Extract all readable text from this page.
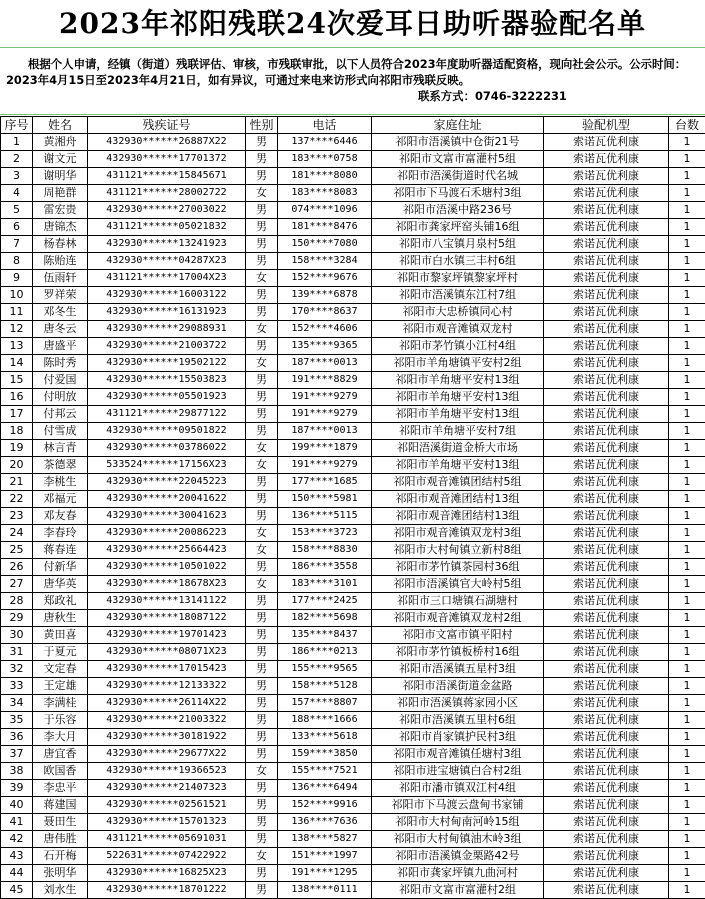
2023年祁阳残联24次爱耳日助听器验配名单
根据个人申请，经镇（街道）残联评估、审核，市残联审批，以下人员符合2023年度助听器适配资格，现向社会公示。公示时间：2023年4月15日至2023年4月21日，如有异议，可通过来电来访形式向祁阳市残联反映。
联系方式：0746-3222231
序号	姓名	残疾证号	性别	电话	家庭住址	验配机型	台数
1	黄湘舟	432930******26887X22	男	137****6446	祁阳市浯溪镇中仓街21号	索诺瓦优利康	1
2	谢文元	432930******17701372	男	183****0758	祁阳市文富市富灌村5组	索诺瓦优利康	1
3	谢明华	431121******15845671	男	181****8080	祁阳市浯溪街道时代名城	索诺瓦优利康	1
4	周艳群	431121******28002722	女	183****8083	祁阳市下马渡石禾塘村3组	索诺瓦优利康	1
5	雷宏贵	432930******27003022	男	074****1096	祁阳市浯溪中路236号	索诺瓦优利康	1
6	唐锦杰	431121******05021832	男	181****8476	祁阳市龚家坪窑头铺16组	索诺瓦优利康	1
7	杨春林	432930******13241923	男	150****7080	祁阳市八宝镇月泉村5组	索诺瓦优利康	1
8	陈贻连	432930******04287X23	男	158****3284	祁阳市白水镇三丰村6组	索诺瓦优利康	1
9	伍雨轩	431121******17004X23	女	152****9676	祁阳市黎家坪镇黎家坪村	索诺瓦优利康	1
10	罗祥荣	432930******16003122	男	139****6878	祁阳市浯溪镇东江村7组	索诺瓦优利康	1
11	邓冬生	432930******16131923	男	170****8637	祁阳市大忠桥镇同心村	索诺瓦优利康	1
12	唐冬云	432930******29088931	女	152****4606	祁阳市观音滩镇双龙村	索诺瓦优利康	1
13	唐盛平	432930******21003722	男	135****9365	祁阳市茅竹镇小江村4组	索诺瓦优利康	1
14	陈时秀	432930******19502122	女	187****0013	祁阳市羊角塘镇平安村2组	索诺瓦优利康	1
15	付爱国	432930******15503823	男	191****8829	祁阳市羊角塘平安村13组	索诺瓦优利康	1
16	付明放	432930******05501923	男	191****9279	祁阳市羊角塘平安村13组	索诺瓦优利康	1
17	付邦云	431121******29877122	男	191****9279	祁阳市羊角塘平安村13组	索诺瓦优利康	1
18	付雪成	432930******09501822	男	187****0013	祁阳市羊角塘平安村7组	索诺瓦优利康	1
19	林言青	432930******03786022	女	199****1879	祁阳浯溪街道金桥大市场	索诺瓦优利康	1
20	茶德翠	533524******17156X23	女	191****9279	祁阳市羊角塘平安村13组	索诺瓦优利康	1
21	李桃生	432930******22045223	男	177****1685	祁阳市观音滩镇团结村5组	索诺瓦优利康	1
22	邓福元	432930******20041622	男	150****5981	祁阳市观音滩团结村13组	索诺瓦优利康	1
23	邓友春	432930******30041623	男	136****5115	祁阳市观音滩团结村13组	索诺瓦优利康	1
24	李春玲	432930******20086223	女	153****3723	祁阳市观音滩镇双龙村3组	索诺瓦优利康	1
25	蒋春连	432930******25664423	女	158****8830	祁阳市大村甸镇立新村8组	索诺瓦优利康	1
26	付新华	432930******10501022	男	186****3558	祁阳市茅竹镇茶园村36组	索诺瓦优利康	1
27	唐华英	432930******18678X23	女	183****3101	祁阳市浯溪镇官大岭村5组	索诺瓦优利康	1
28	郑政礼	432930******13141122	男	177****2425	祁阳市三口塘镇石湖塘村	索诺瓦优利康	1
29	唐秋生	432930******18087122	男	182****5698	祁阳市观音滩镇双龙村2组	索诺瓦优利康	1
30	黄田喜	432930******19701423	男	135****8437	祁阳市文富市镇平阳村	索诺瓦优利康	1
31	于夏元	432930******08071X23	男	186****0213	祁阳市茅竹镇板桥村16组	索诺瓦优利康	1
32	文定春	432930******17015423	男	155****9565	祁阳市浯溪镇五星村3组	索诺瓦优利康	1
33	王定雄	432930******12133322	男	158****5128	祁阳市浯溪街道金盆路	索诺瓦优利康	1
34	李满桂	432930******26114X22	男	157****8807	祁阳市浯溪镇蒋家园小区	索诺瓦优利康	1
35	于乐容	432930******21003322	男	188****1666	祁阳市浯溪镇五里村6组	索诺瓦优利康	1
36	李大月	432930******30181922	男	133****5618	祁阳市肖家镇护民村3组	索诺瓦优利康	1
37	唐宜香	432930******29677X22	男	159****3850	祁阳市观音滩镇任塘村3组	索诺瓦优利康	1
38	欧国香	432930******19366523	女	155****7521	祁阳市进宝塘镇白合村2组	索诺瓦优利康	1
39	李忠平	432930******21407323	男	136****6494	祁阳市潘市镇双江村4组	索诺瓦优利康	1
40	蒋建国	432930******02561521	男	152****9916	祁阳市下马渡云盘甸书家铺	索诺瓦优利康	1
41	聂田生	432930******15701323	男	136****7636	祁阳市大村甸南河岭15组	索诺瓦优利康	1
42	唐伟胜	431121******05691031	男	138****5827	祁阳市大村甸镇油木岭3组	索诺瓦优利康	1
43	石开梅	522631******07422922	女	151****1997	祁阳市浯溪镇金栗路42号	索诺瓦优利康	1
44	张明华	432930******16825X23	男	191****1295	祁阳市龚家坪镇九曲河村	索诺瓦优利康	1
45	刘水生	432930******18701222	男	138****0111	祁阳市文富市富灌村2组	索诺瓦优利康	1
